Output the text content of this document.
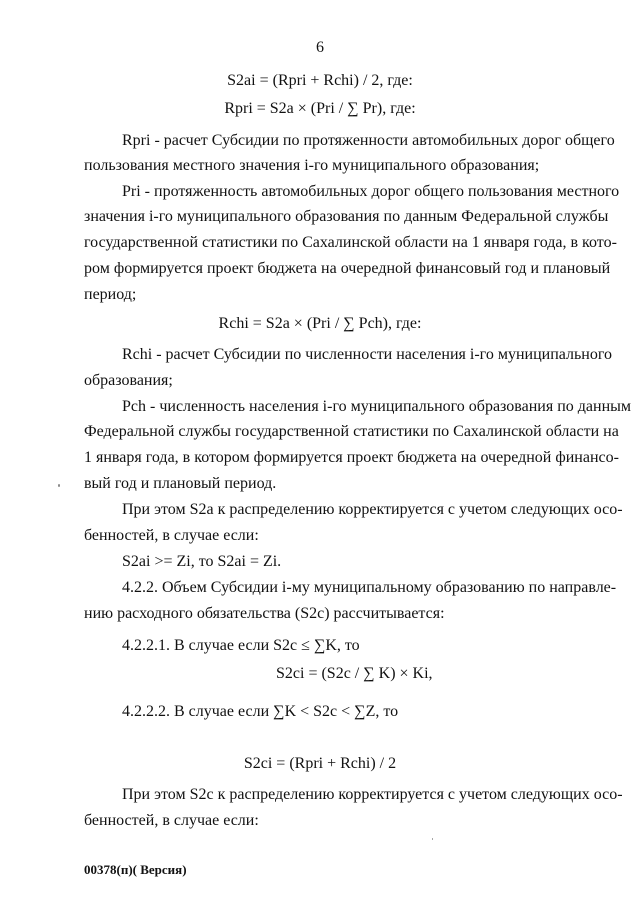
6
S2ai = (Rpri + Rchi) / 2, где:
Rpri = S2a × (Pri / ∑ Pr), где:
Rpri - расчет Субсидии по протяженности автомобильных дорог общего
пользования местного значения i-го муниципального образования;
Pri - протяженность автомобильных дорог общего пользования местного
значения i-го муниципального образования по данным Федеральной службы
государственной статистики по Сахалинской области на 1 января года, в кото-
ром формируется проект бюджета на очередной финансовый год и плановый
период;
Rchi = S2a × (Pri / ∑ Pch), где:
Rchi - расчет Субсидии по численности населения i-го муниципального
образования;
Pch - численность населения i-го муниципального образования по данным
Федеральной службы государственной статистики по Сахалинской области на
1 января года, в котором формируется проект бюджета на очередной финансо-
вый год и плановый период.
При этом S2a к распределению корректируется с учетом следующих осо-
бенностей, в случае если:
S2ai >= Zi, то S2ai = Zi.
4.2.2. Объем Субсидии i-му муниципальному образованию по направле-
нию расходного обязательства (S2c) рассчитывается:
4.2.2.1. В случае если S2c ≤ ∑K, то
S2ci = (S2c / ∑ K) × Ki,
4.2.2.2. В случае если ∑K < S2c < ∑Z, то
S2ci = (Rpri + Rchi) / 2
При этом S2c к распределению корректируется с учетом следующих осо-
бенностей, в случае если:
00378(п)( Версия)
